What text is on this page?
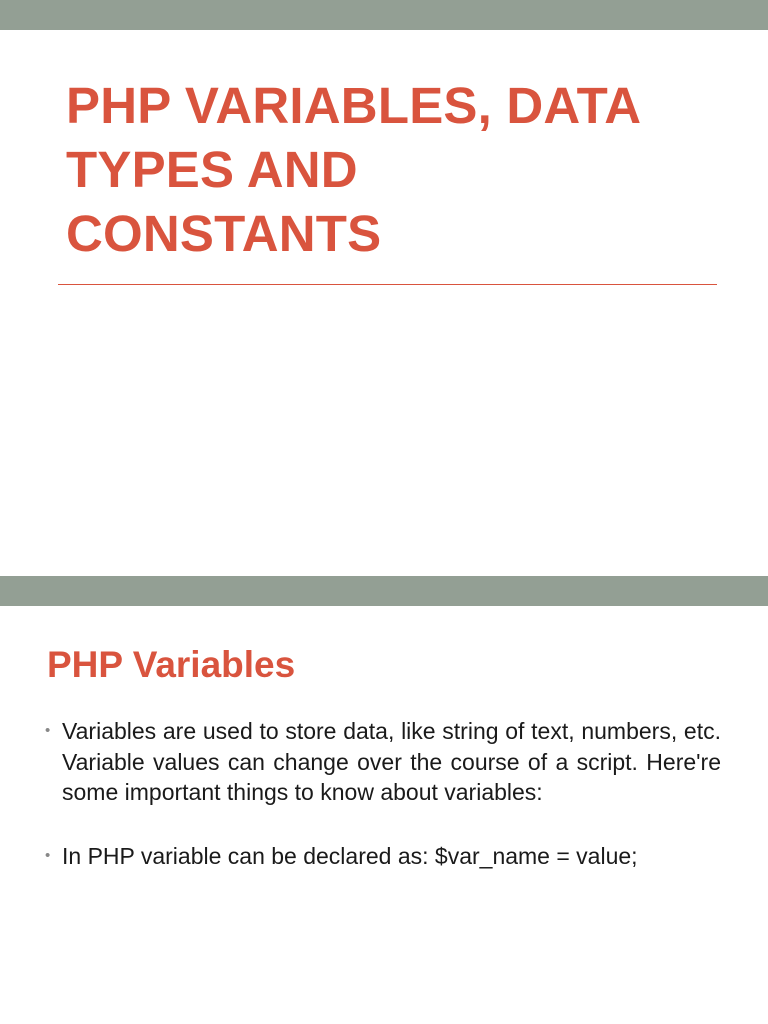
PHP VARIABLES, DATA
TYPES AND
CONSTANTS
PHP Variables
• Variables are used to store data, like string of text, numbers, etc. Variable values can change over the course of a script. Here're some important things to know about variables:
• In PHP variable can be declared as: $var_name = value;
